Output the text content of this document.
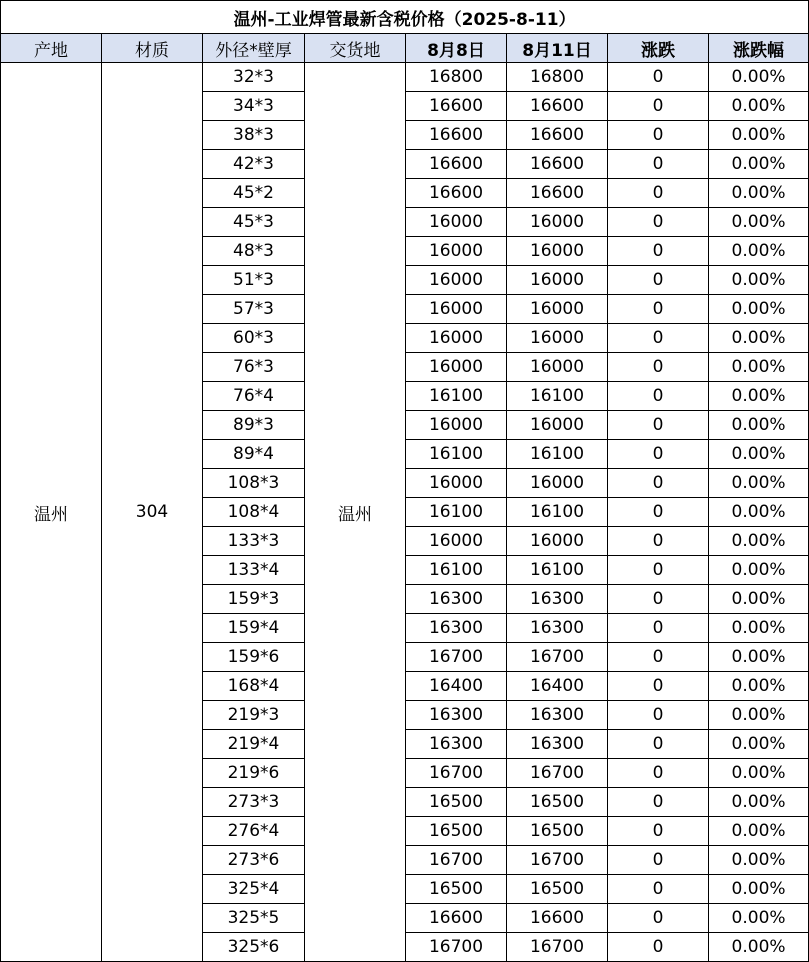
温州-工业焊管最新含税价格（2025-8-11）							
产地	材质	外径*壁厚	交货地	8月8日	8月11日	涨跌	涨跌幅
温州	304	32*3	温州	16800	16800	0	0.00%
		34*3		16600	16600	0	0.00%
		38*3		16600	16600	0	0.00%
		42*3		16600	16600	0	0.00%
		45*2		16600	16600	0	0.00%
		45*3		16000	16000	0	0.00%
		48*3		16000	16000	0	0.00%
		51*3		16000	16000	0	0.00%
		57*3		16000	16000	0	0.00%
		60*3		16000	16000	0	0.00%
		76*3		16000	16000	0	0.00%
		76*4		16100	16100	0	0.00%
		89*3		16000	16000	0	0.00%
		89*4		16100	16100	0	0.00%
		108*3		16000	16000	0	0.00%
		108*4		16100	16100	0	0.00%
		133*3		16000	16000	0	0.00%
		133*4		16100	16100	0	0.00%
		159*3		16300	16300	0	0.00%
		159*4		16300	16300	0	0.00%
		159*6		16700	16700	0	0.00%
		168*4		16400	16400	0	0.00%
		219*3		16300	16300	0	0.00%
		219*4		16300	16300	0	0.00%
		219*6		16700	16700	0	0.00%
		273*3		16500	16500	0	0.00%
		276*4		16500	16500	0	0.00%
		273*6		16700	16700	0	0.00%
		325*4		16500	16500	0	0.00%
		325*5		16600	16600	0	0.00%
		325*6		16700	16700	0	0.00%
